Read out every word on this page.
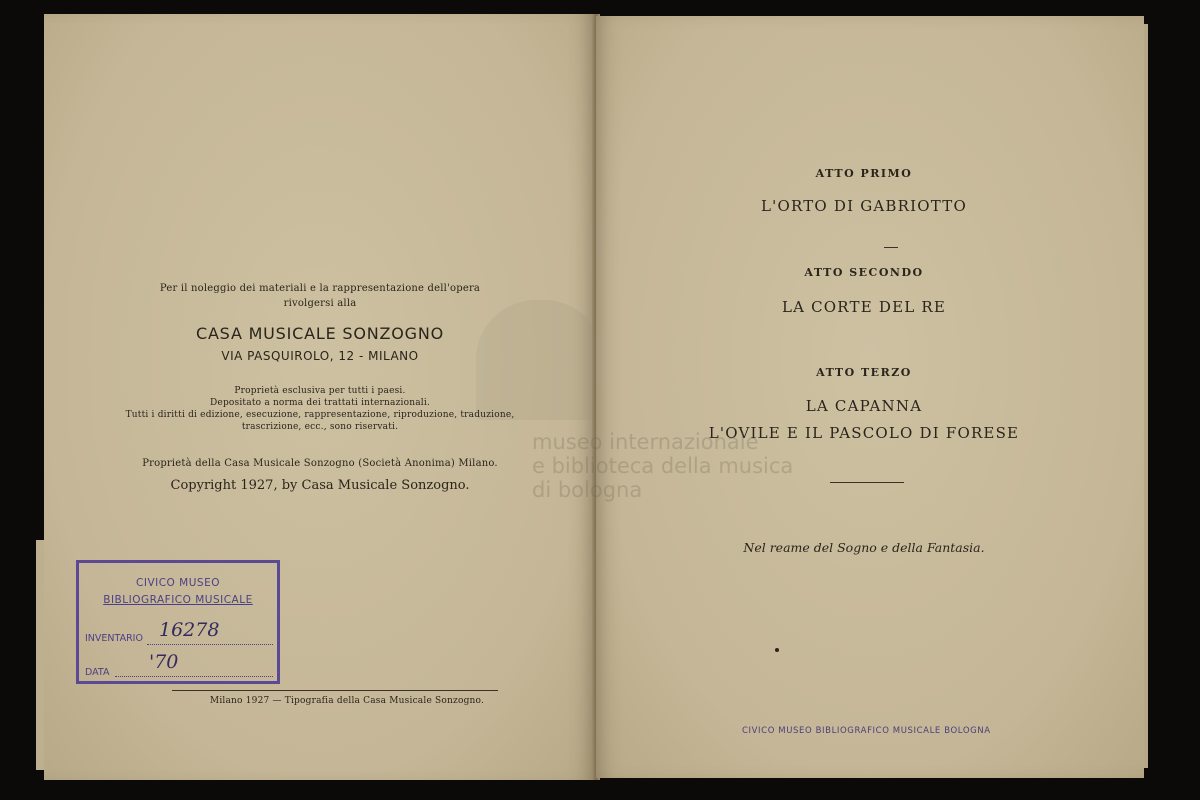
Per il noleggio dei materiali e la rappresentazione dell'opera
rivolgersi alla
CASA MUSICALE SONZOGNO
VIA PASQUIROLO, 12 - MILANO
Proprietà esclusiva per tutti i paesi.
Depositato a norma dei trattati internazionali.
Tutti i diritti di edizione, esecuzione, rappresentazione, riproduzione, traduzione,
trascrizione, ecc., sono riservati.
Proprietà della Casa Musicale Sonzogno (Società Anonima) Milano.
Copyright 1927, by Casa Musicale Sonzogno.
Milano 1927 — Tipografia della Casa Musicale Sonzogno.
ATTO PRIMO
L'ORTO DI GABRIOTTO
ATTO SECONDO
LA CORTE DEL RE
ATTO TERZO
LA CAPANNA
L'OVILE E IL PASCOLO DI FORESE
Nel reame del Sogno e della Fantasia.
museo internazionale
e biblioteca della musica
di bologna
CIVICO MUSEO
BIBLIOGRAFICO MUSICALE
INVENTARIO 16278
DATA '70
CIVICO MUSEO BIBLIOGRAFICO MUSICALE BOLOGNA
